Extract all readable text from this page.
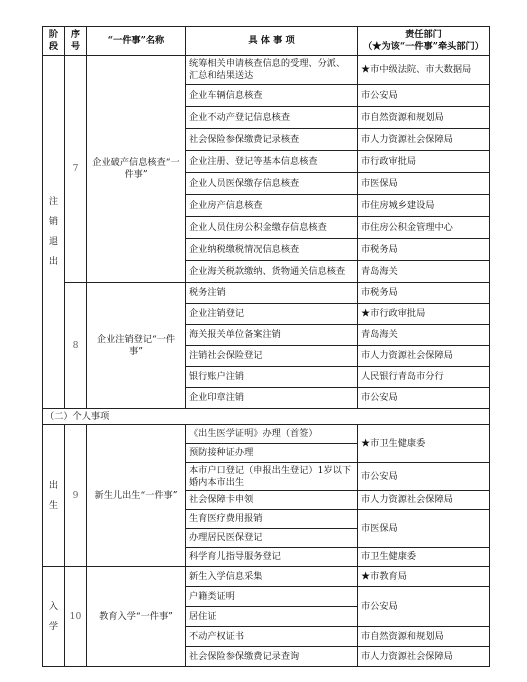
阶段	序号	“一件事”名称	具 体 事 项	责任部门
（★为该“一件事”牵头部门）

注
销
退
出	7	企业破产信息核查“一件事”	统筹相关申请核查信息的受理、分派、汇总和结果送达	★市中级法院、市大数据局
			企业车辆信息核查	市公安局
			企业不动产登记信息核查	市自然资源和规划局
			社会保险参保缴费记录核查	市人力资源社会保障局
			企业注册、登记等基本信息核查	市行政审批局
			企业人员医保缴存信息核查	市医保局
			企业房产信息核查	市住房城乡建设局
			企业人员住房公积金缴存信息核查	市住房公积金管理中心
			企业纳税缴税情况信息核查	市税务局
			企业海关税款缴纳、货物通关信息核查	青岛海关
	8	企业注销登记“一件事”	税务注销	市税务局
			企业注销登记	★市行政审批局
			海关报关单位备案注销	青岛海关
			注销社会保险登记	市人力资源社会保障局
			银行账户注销	人民银行青岛市分行
			企业印章注销	市公安局
（二）个人事项				

出
生	9	新生儿出生“一件事”	《出生医学证明》办理（首签）	★市卫生健康委
			预防接种证办理	
			本市户口登记（申报出生登记）1岁以下婚内本市出生	市公安局
			社会保障卡申领	市人力资源社会保障局
			生育医疗费用报销	市医保局
			办理居民医保登记	
			科学育儿指导服务登记	市卫生健康委

入
学	10	教育入学“一件事”	新生入学信息采集	★市教育局
			户籍类证明	市公安局
			居住证	
			不动产权证书	市自然资源和规划局
			社会保险参保缴费记录查询	市人力资源社会保障局
